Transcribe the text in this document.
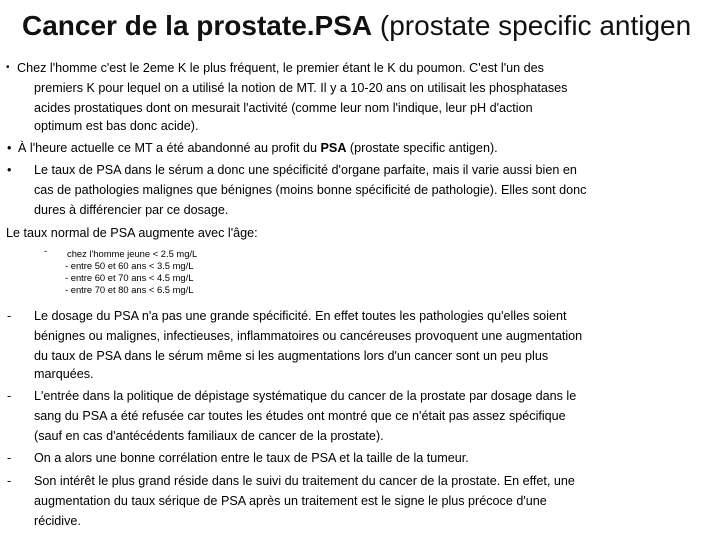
Cancer de la prostate.PSA (prostate specific antigen
• Chez l'homme c'est le 2eme K le plus fréquent, le premier étant le K du poumon. C'est l'un des
premiers K pour lequel on a utilisé la notion de MT. Il y a 10-20 ans on utilisait les phosphatases
acides prostatiques dont on mesurait l'activité (comme leur nom l'indique, leur pH d'action
optimum est bas donc acide).
• À l'heure actuelle ce MT a été abandonné au profit du PSA (prostate specific antigen).
• Le taux de PSA dans le sérum a donc une spécificité d'organe parfaite, mais il varie aussi bien en
cas de pathologies malignes que bénignes (moins bonne spécificité de pathologie). Elles sont donc
dures à différencier par ce dosage.
Le taux normal de PSA augmente avec l'âge:
- chez l'homme jeune < 2.5 mg/L
- entre 50 et 60 ans < 3.5 mg/L
- entre 60 et 70 ans < 4.5 mg/L
- entre 70 et 80 ans < 6.5 mg/L
- Le dosage du PSA n'a pas une grande spécificité. En effet toutes les pathologies qu'elles soient
bénignes ou malignes, infectieuses, inflammatoires ou cancéreuses provoquent une augmentation
du taux de PSA dans le sérum même si les augmentations lors d'un cancer sont un peu plus
marquées.
- L'entrée dans la politique de dépistage systématique du cancer de la prostate par dosage dans le
sang du PSA a été refusée car toutes les études ont montré que ce n'était pas assez spécifique
(sauf en cas d'antécédents familiaux de cancer de la prostate).
- On a alors une bonne corrélation entre le taux de PSA et la taille de la tumeur.
- Son intérêt le plus grand réside dans le suivi du traitement du cancer de la prostate. En effet, une
augmentation du taux sérique de PSA après un traitement est le signe le plus précoce d'une
récidive.
